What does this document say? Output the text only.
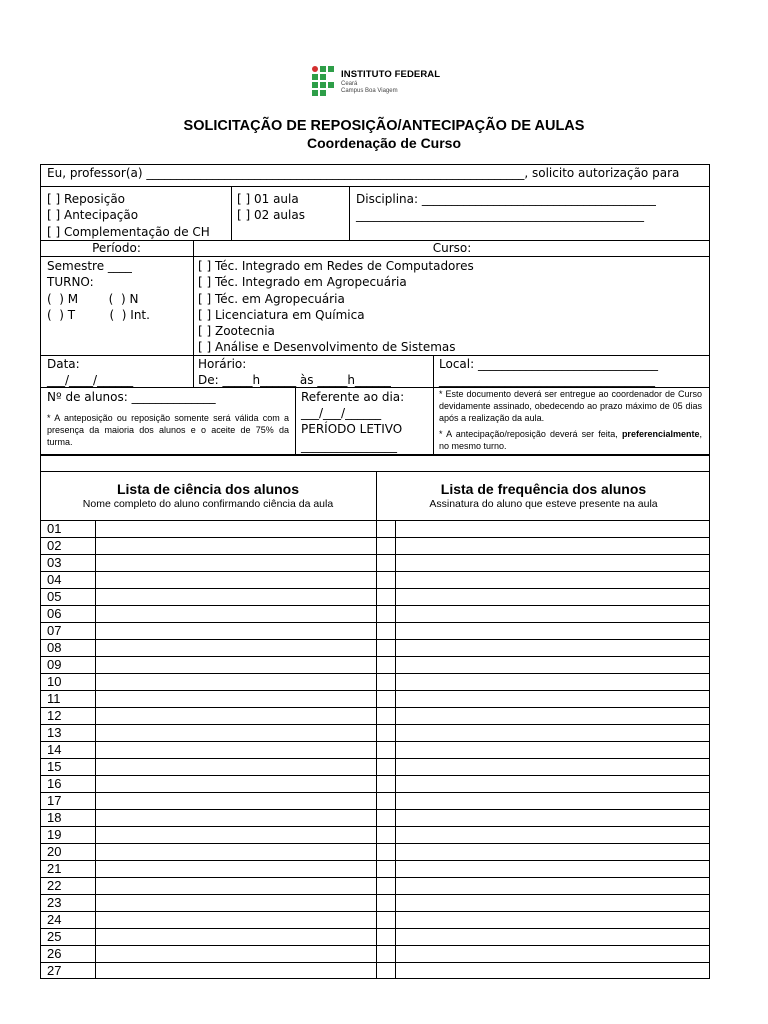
INSTITUTO FEDERAL
Ceará
Campus Boa Viagem
SOLICITAÇÃO DE REPOSIÇÃO/ANTECIPAÇÃO DE AULAS
Coordenação de Curso
Eu, professor(a) _______________________________________________________________, solicito autorização para
[ ] Reposição
[ ] Antecipação
[ ] Complementação de CH
[ ] 01 aula
[ ] 02 aulas
Disciplina: _______________________________________
________________________________________________
Período:	Curso:
Semestre ____
TURNO:
(  ) M        (  ) N
(  ) T         (  ) Int.
[ ] Téc. Integrado em Redes de Computadores
[ ] Téc. Integrado em Agropecuária
[ ] Téc. em Agropecuária
[ ] Licenciatura em Química
[ ] Zootecnia
[ ] Análise e Desenvolvimento de Sistemas
Data:
___/____/______
Horário:
De: _____h______ às _____h______
Local: ______________________________
____________________________________
Nº de alunos: ______________
* A anteposição ou reposição somente será válida com a presença da maioria dos alunos e o aceite de 75% da turma.
Referente ao dia:
___/___/______
PERÍODO LETIVO
________________
* Este documento deverá ser entregue ao coordenador de Curso devidamente assinado, obedecendo ao prazo máximo de 05 dias após a realização da aula.
* A antecipação/reposição deverá ser feita, preferencialmente, no mesmo turno.
Lista de ciência dos alunos
Nome completo do aluno confirmando ciência da aula
Lista de frequência dos alunos
Assinatura do aluno que esteve presente na aula
01
02
03
04
05
06
07
08
09
10
11
12
13
14
15
16
17
18
19
20
21
22
23
24
25
26
27
